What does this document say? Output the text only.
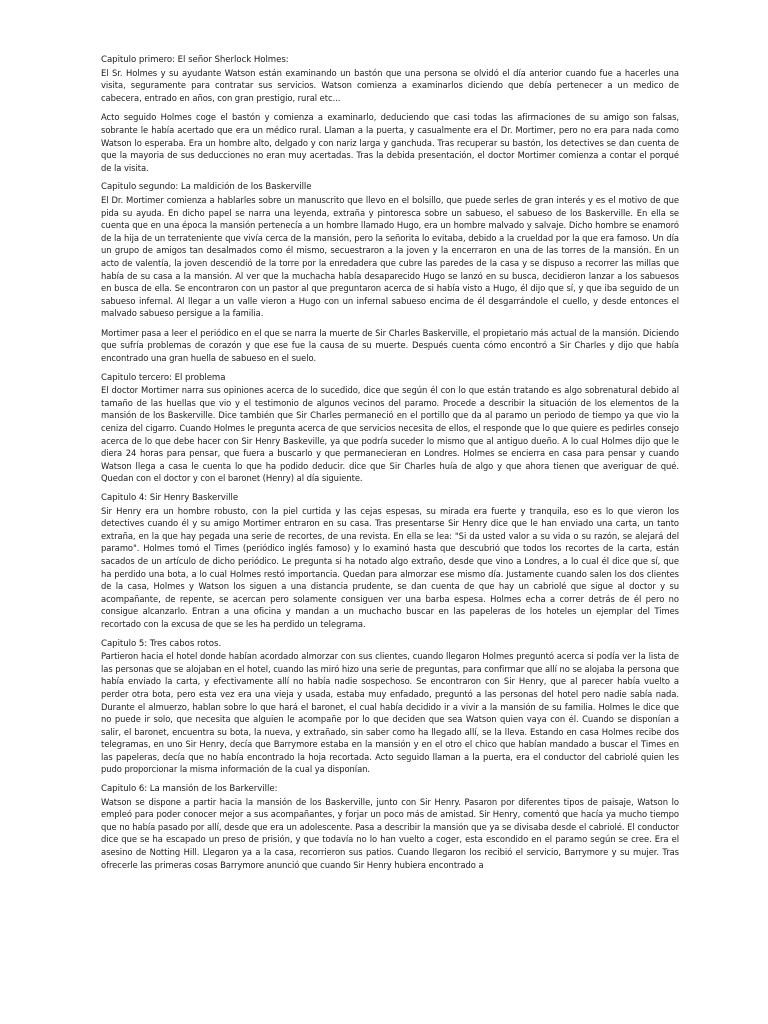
Capitulo primero: El señor Sherlock Holmes:

El Sr. Holmes y su ayudante Watson están examinando un bastón que una persona se olvidó el día anterior cuando fue a hacerles una visita, seguramente para contratar sus servicios. Watson comienza a examinarlos diciendo que debía pertenecer a un medico de cabecera, entrado en años, con gran prestigio, rural etc...

Acto seguido Holmes coge el bastón y comienza a examinarlo, deduciendo que casi todas las afirmaciones de su amigo son falsas, sobrante le había acertado que era un médico rural. Llaman a la puerta, y casualmente era el Dr. Mortimer, pero no era para nada como Watson lo esperaba. Era un hombre alto, delgado y con nariz larga y ganchuda. Tras recuperar su bastón, los detectives se dan cuenta de que la mayoria de sus deducciones no eran muy acertadas. Tras la debida presentación, el doctor Mortimer comienza a contar el porqué de la visita.

Capitulo segundo: La maldición de los Baskerville

El Dr. Mortimer comienza a hablarles sobre un manuscrito que llevo en el bolsillo, que puede serles de gran interés y es el motivo de que pida su ayuda. En dicho papel se narra una leyenda, extraña y pintoresca sobre un sabueso, el sabueso de los Baskerville. En ella se cuenta que en una época la mansión pertenecía a un hombre llamado Hugo, era un hombre malvado y salvaje. Dicho hombre se enamoró de la hija de un terrateniente que vivía cerca de la mansión, pero la señorita lo evitaba, debido a la crueldad por la que era famoso. Un día un grupo de amigos tan desalmados como él mismo, secuestraron a la joven y la encerraron en una de las torres de la mansión. En un acto de valentía, la joven descendió de la torre por la enredadera que cubre las paredes de la casa y se dispuso a recorrer las millas que había de su casa a la mansión. Al ver que la muchacha había desaparecido Hugo se lanzó en su busca, decidieron lanzar a los sabuesos en busca de ella. Se encontraron con un pastor al que preguntaron acerca de si había visto a Hugo, él dijo que sí, y que iba seguido de un sabueso infernal. Al llegar a un valle vieron a Hugo con un infernal sabueso encima de él desgarrándole el cuello, y desde entonces el malvado sabueso persigue a la familia.

Mortimer pasa a leer el periódico en el que se narra la muerte de Sir Charles Baskerville, el propietario más actual de la mansión. Diciendo que sufría problemas de corazón y que ese fue la causa de su muerte. Después cuenta cómo encontró a Sir Charles y dijo que había encontrado una gran huella de sabueso en el suelo.

Capitulo tercero: El problema

El doctor Mortimer narra sus opiniones acerca de lo sucedido, dice que según él con lo que están tratando es algo sobrenatural debido al tamaño de las huellas que vio y el testimonio de algunos vecinos del paramo. Procede a describir la situación de los elementos de la mansión de los Baskerville. Dice también que Sir Charles permaneció en el portillo que da al paramo un periodo de tiempo ya que vio la ceniza del cigarro. Cuando Holmes le pregunta acerca de que servicios necesita de ellos, el responde que lo que quiere es pedirles consejo acerca de lo que debe hacer con Sir Henry Baskeville, ya que podría suceder lo mismo que al antiguo dueño. A lo cual Holmes dijo que le diera 24 horas para pensar, que fuera a buscarlo y que permanecieran en Londres. Holmes se encierra en casa para pensar y cuando Watson llega a casa le cuenta lo que ha podido deducir. dice que Sir Charles huía de algo y que ahora tienen que averiguar de qué. Quedan con el doctor y con el baronet (Henry) al día siguiente.

Capitulo 4: Sir Henry Baskerville

Sir Henry era un hombre robusto, con la piel curtida y las cejas espesas, su mirada era fuerte y tranquila, eso es lo que vieron los detectives cuando él y su amigo Mortimer entraron en su casa. Tras presentarse Sir Henry dice que le han enviado una carta, un tanto extraña, en la que hay pegada una serie de recortes, de una revista. En ella se lea: "Si da usted valor a su vida o su razón, se alejará del paramo". Holmes tomó el Times (periódico inglés famoso) y lo examinó hasta que descubrió que todos los recortes de la carta, están sacados de un artículo de dicho periódico. Le pregunta si ha notado algo extraño, desde que vino a Londres, a lo cual él dice que sí, que ha perdido una bota, a lo cual Holmes restó importancia. Quedan para almorzar ese mismo día. Justamente cuando salen los dos clientes de la casa, Holmes y Watson los siguen a una distancia prudente, se dan cuenta de que hay un cabriolé que sigue al doctor y su acompañante, de repente, se acercan pero solamente consiguen ver una barba espesa. Holmes echa a correr detrás de él pero no consigue alcanzarlo. Entran a una oficina y mandan a un muchacho buscar en las papeleras de los hoteles un ejemplar del Times recortado con la excusa de que se les ha perdido un telegrama.

Capitulo 5: Tres cabos rotos.

Partieron hacia el hotel donde habían acordado almorzar con sus clientes, cuando llegaron Holmes preguntó acerca si podía ver la lista de las personas que se alojaban en el hotel, cuando las miró hizo una serie de preguntas, para confirmar que allí no se alojaba la persona que había enviado la carta, y efectivamente allí no había nadie sospechoso. Se encontraron con Sir Henry, que al parecer había vuelto a perder otra bota, pero esta vez era una vieja y usada, estaba muy enfadado, preguntó a las personas del hotel pero nadie sabía nada. Durante el almuerzo, hablan sobre lo que hará el baronet, el cual había decidido ir a vivir a la mansión de su familia. Holmes le dice que no puede ir solo, que necesita que alguien le acompañe por lo que deciden que sea Watson quien vaya con él. Cuando se disponían a salir, el baronet, encuentra su bota, la nueva, y extrañado, sin saber como ha llegado allí, se la lleva. Estando en casa Holmes recibe dos telegramas, en uno Sir Henry, decía que Barrymore estaba en la mansión y en el otro el chico que habían mandado a buscar el Times en las papeleras, decía que no había encontrado la hoja recortada. Acto seguido llaman a la puerta, era el conductor del cabriolé quien les pudo proporcionar la misma información de la cual ya disponían.

Capitulo 6: La mansión de los Barkerville:

Watson se dispone a partir hacia la mansión de los Baskerville, junto con Sir Henry. Pasaron por diferentes tipos de paisaje, Watson lo empleó para poder conocer mejor a sus acompañantes, y forjar un poco más de amistad. Sir Henry, comentó que hacía ya mucho tiempo que no había pasado por allí, desde que era un adolescente. Pasa a describir la mansión que ya se divisaba desde el cabriolé. El conductor dice que se ha escapado un preso de prisión, y que todavía no lo han vuelto a coger, esta escondido en el paramo según se cree. Era el asesino de Notting Hill. Llegaron ya a la casa, recorrieron sus patios. Cuando llegaron los recibió el servicio, Barrymore y su mujer. Tras ofrecerle las primeras cosas Barrymore anunció que cuando Sir Henry hubiera encontrado a
